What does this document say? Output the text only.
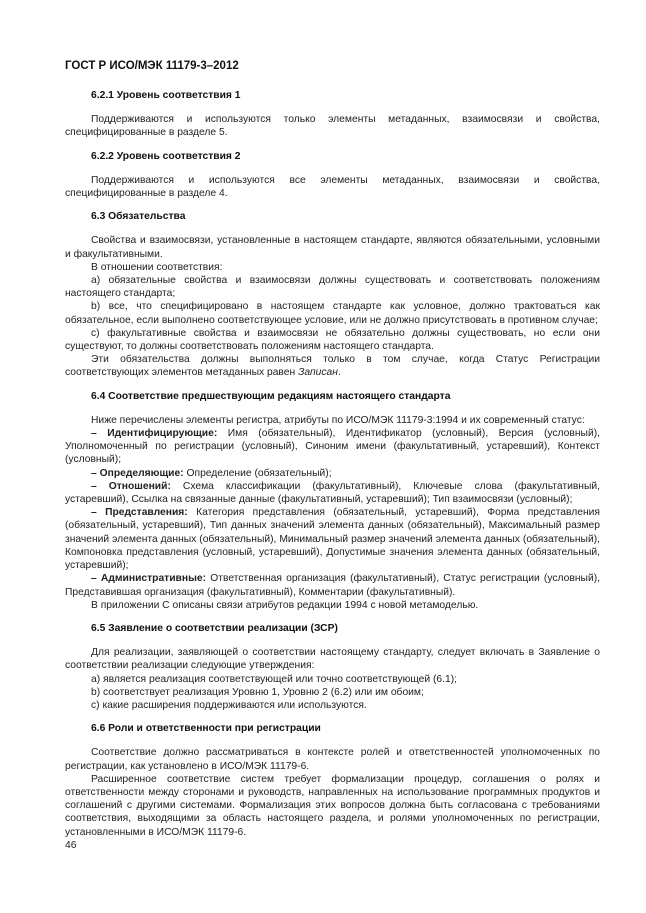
ГОСТ Р ИСО/МЭК 11179-3–2012
6.2.1 Уровень соответствия 1

Поддерживаются и используются только элементы метаданных, взаимосвязи и свойства, специфицированные в разделе 5.

6.2.2 Уровень соответствия 2

Поддерживаются и используются все элементы метаданных, взаимосвязи и свойства, специфицированные в разделе 4.

6.3 Обязательства

Свойства и взаимосвязи, установленные в настоящем стандарте, являются обязательными, условными и факультативными.

В отношении соответствия:

a) обязательные свойства и взаимосвязи должны существовать и соответствовать положениям настоящего стандарта;

b) все, что специфицировано в настоящем стандарте как условное, должно трактоваться как обязательное, если выполнено соответствующее условие, или не должно присутствовать в противном случае;

c) факультативные свойства и взаимосвязи не обязательно должны существовать, но если они существуют, то должны соответствовать положениям настоящего стандарта.

Эти обязательства должны выполняться только в том случае, когда Статус Регистрации соответствующих элементов метаданных равен Записан.

6.4 Соответствие предшествующим редакциям настоящего стандарта

Ниже перечислены элементы регистра, атрибуты по ИСО/МЭК 11179-3:1994 и их современный статус:

– Идентифицирующие: Имя (обязательный), Идентификатор (условный), Версия (условный), Уполномоченный по регистрации (условный), Синоним имени (факультативный, устаревший), Контекст (условный);

– Определяющие: Определение (обязательный);

– Отношений: Схема классификации (факультативный), Ключевые слова (факультативный, устаревший), Ссылка на связанные данные (факультативный, устаревший); Тип взаимосвязи (условный);

– Представления: Категория представления (обязательный, устаревший), Форма представления (обязательный, устаревший), Тип данных значений элемента данных (обязательный), Максимальный размер значений элемента данных (обязательный), Минимальный размер значений элемента данных (обязательный), Компоновка представления (условный, устаревший), Допустимые значения элемента данных (обязательный, устаревший);

– Административные: Ответственная организация (факультативный), Статус регистрации (условный), Представившая организация (факультативный), Комментарии (факультативный).

В приложении С описаны связи атрибутов редакции 1994 с новой метамоделью.

6.5 Заявление о соответствии реализации (ЗСР)

Для реализации, заявляющей о соответствии настоящему стандарту, следует включать в Заявление о соответствии реализации следующие утверждения:

a) является реализация соответствующей или точно соответствующей (6.1);

b) соответствует реализация Уровню 1, Уровню 2 (6.2) или им обоим;

c) какие расширения поддерживаются или используются.

6.6 Роли и ответственности при регистрации

Соответствие должно рассматриваться в контексте ролей и ответственностей уполномоченных по регистрации, как установлено в ИСО/МЭК 11179-6.

Расширенное соответствие систем требует формализации процедур, соглашения о ролях и ответственности между сторонами и руководств, направленных на использование программных продуктов и соглашений с другими системами. Формализация этих вопросов должна быть согласована с требованиями соответствия, выходящими за область настоящего раздела, и ролями уполномоченных по регистрации, установленными в ИСО/МЭК 11179-6.

46
